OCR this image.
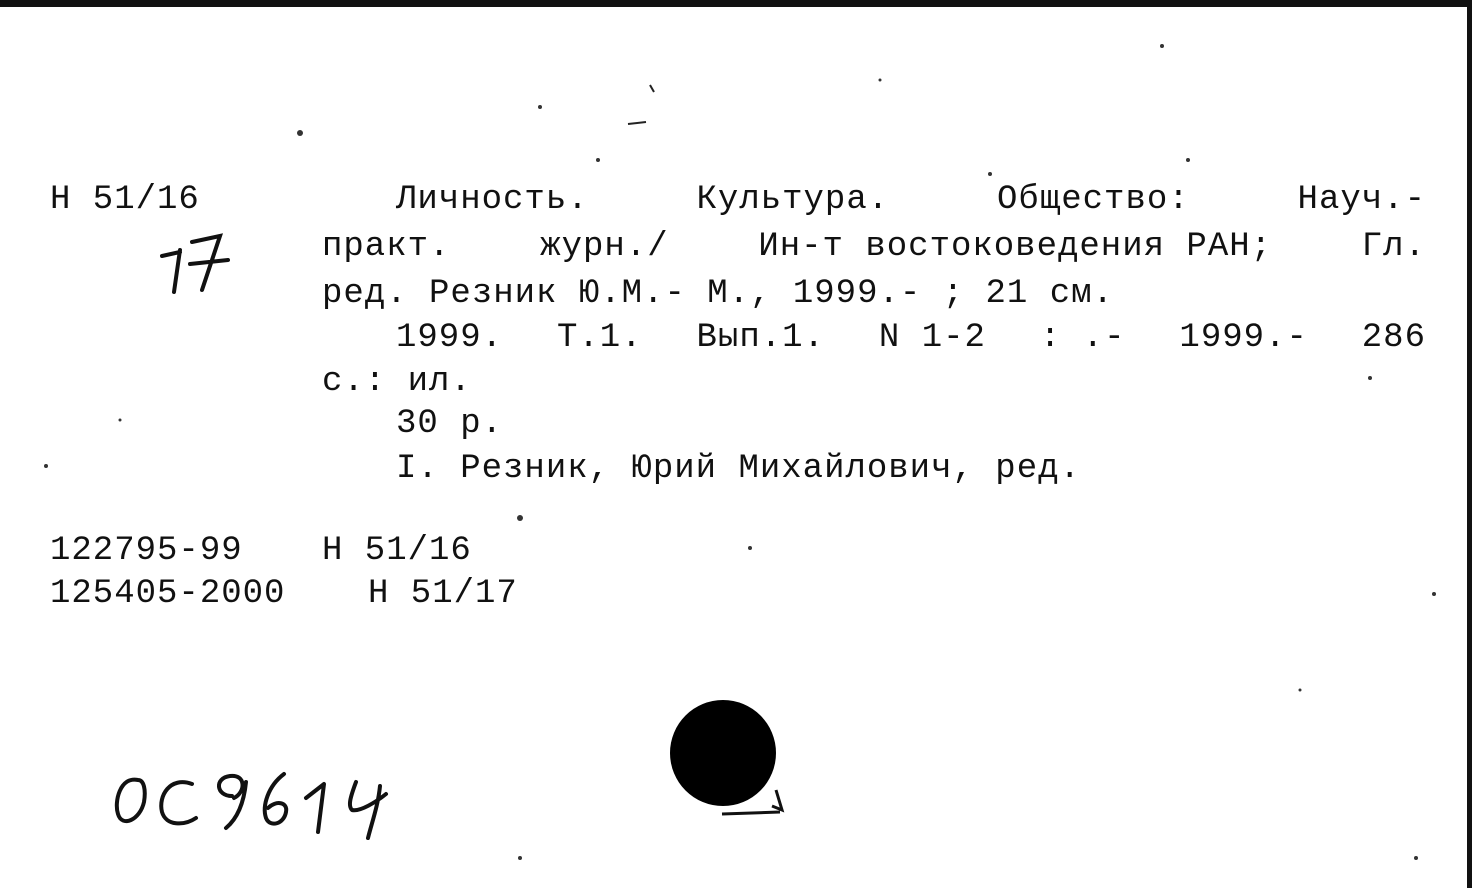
Н 51/16	Личность.	Культура.	Общество:	Науч.-
практ.	журн./	Ин-т востоковедения РАН;	Гл.
ред. Резник Ю.М.- М., 1999.- ; 21 см.
1999. Т.1. Вып.1. N 1-2 : .- 1999.- 286
с.: ил.
30 р.
I. Резник, Юрий Михайлович, ред.
122795-99 Н 51/16
125405-2000 Н 51/17
